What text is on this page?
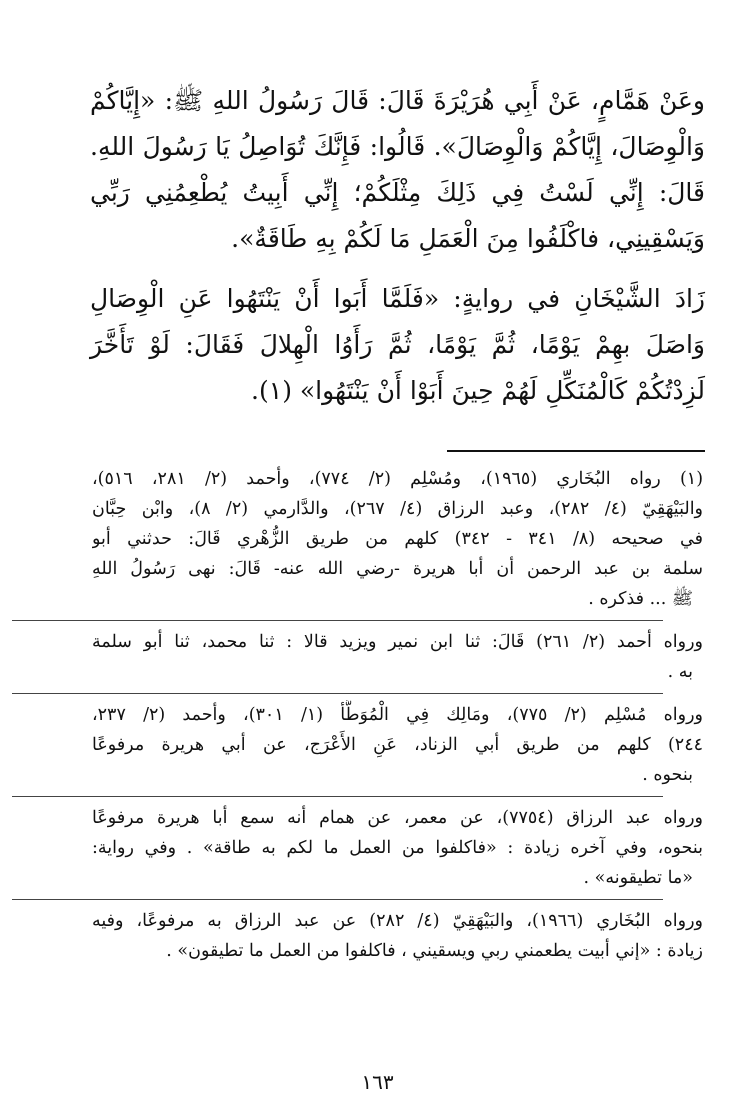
وعَنْ هَمَّامٍ، عَنْ أَبِي هُرَيْرَةَ قَالَ: قَالَ رَسُولُ اللهِ ﷺ: «إِيَّاكُمْ وَالْوِصَالَ، إِيَّاكُمْ وَالْوِصَالَ». قَالُوا: فَإِنَّكَ تُوَاصِلُ يَا رَسُولَ اللهِ. قَالَ: إِنِّي لَسْتُ فِي ذَلِكَ مِثْلَكُمْ؛ إِنِّي أَبِيتُ يُطْعِمُنِي رَبِّي وَيَسْقِينِي، فاكْلَفُوا مِنَ الْعَمَلِ مَا لَكُمْ بِهِ طَاقَةٌ».

زَادَ الشَّيْخَانِ في روايةٍ: «فَلَمَّا أَبَوا أَنْ يَنْتَهُوا عَنِ الْوِصَالِ وَاصَلَ بهِمْ يَوْمًا، ثُمَّ يَوْمًا، ثُمَّ رَأَوُا الْهِلالَ فَقَالَ: لَوْ تَأَخَّرَ لَزِدْتُكُمْ كَالْمُنَكِّلِ لَهُمْ حِينَ أَبَوْا أَنْ يَنْتَهُوا» (١).

(١) رواه البُخَاري (١٩٦٥)، ومُسْلِم (٢/ ٧٧٤)، وأحمد (٢/ ٢٨١، ٥١٦)،
والبَيْهَقِيّ (٤/ ٢٨٢)، وعبد الرزاق (٤/ ٢٦٧)، والدَّارمي (٢/ ٨)، وابْن حِبَّان
في صحيحه (٨/ ٣٤١ - ٣٤٢) كلهم من طريق الزُّهْري قَالَ: حدثني أبو
سلمة بن عبد الرحمن أن أبا هريرة -رضي الله عنه- قَالَ: نهى رَسُولُ اللهِ
ﷺ ... فذكره .
ورواه أحمد (٢/ ٢٦١) قَالَ: ثنا ابن نمير ويزيد قالا : ثنا محمد، ثنا أبو سلمة
به .
ورواه مُسْلِم (٢/ ٧٧٥)، ومَالِك فِي الْمُوَطَّأ (١/ ٣٠١)، وأحمد (٢/ ٢٣٧،
٢٤٤) كلهم من طريق أبي الزناد، عَنِ الأَعْرَج، عن أبي هريرة مرفوعًا
بنحوه .
ورواه عبد الرزاق (٧٧٥٤)، عن معمر، عن همام أنه سمع أبا هريرة مرفوعًا
بنحوه، وفي آخره زيادة : «فاكلفوا من العمل ما لكم به طاقة» . وفي رواية:
«ما تطيقونه» .
ورواه البُخَاري (١٩٦٦)، والبَيْهَقِيّ (٤/ ٢٨٢) عن عبد الرزاق به مرفوعًا، وفيه
زيادة : «إني أبيت يطعمني ربي ويسقيني ، فاكلفوا من العمل ما تطيقون» .
١٦٣
